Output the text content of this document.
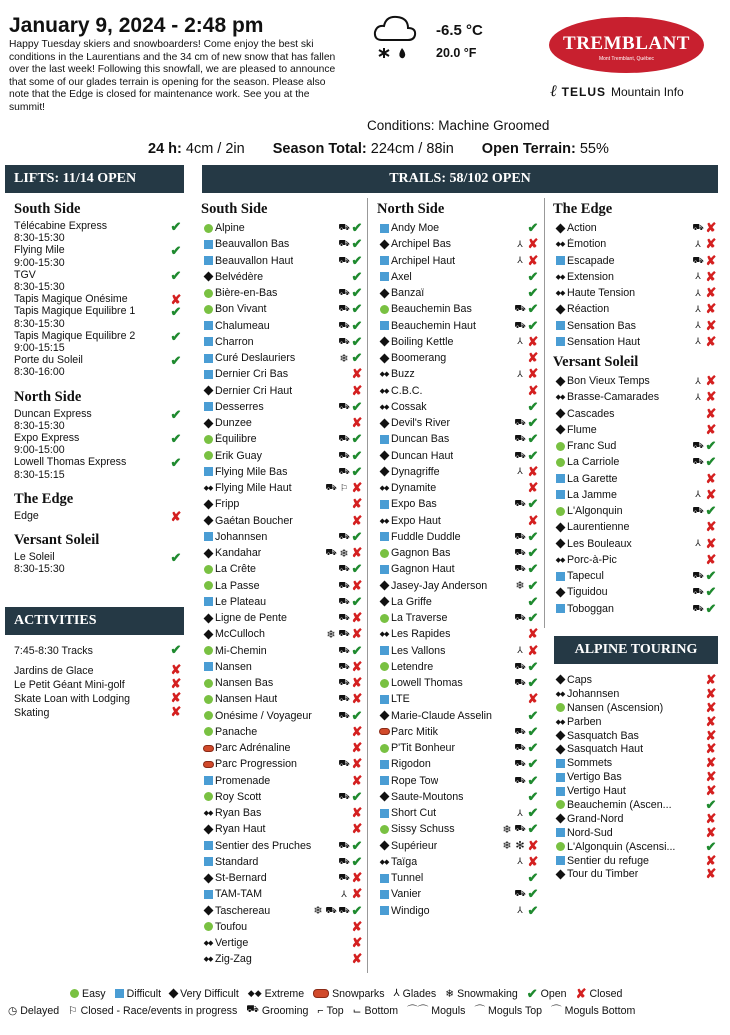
January 9, 2024 - 2:48 pm
Happy Tuesday skiers and snowboarders! Come enjoy the best ski conditions in the Laurentians and the 34 cm of new snow that has fallen over the last week! Following this snowfall, we are pleased to announce that some of our glades terrain is opening for the season. Please also note that the Edge is closed for maintenance work. See you at the summit!
-6.5 °C
20.0 °F	TREMBLANT
Mont Tremblant, Québec
ℓ TELUS Mountain Info
Conditions: Machine Groomed
24 h: 4cm / 2in Season Total: 224cm / 88in Open Terrain: 55%
LIFTS: 11/14 OPEN	TRAILS: 58/102 OPEN
ACTIVITIES
ALPINE TOURING
South Side
Télécabine Express
8:30-15:30
✔
Flying Mile
9:00-15:30
✔
TGV
8:30-15:30
✔
Tapis Magique Onésime	✘
Tapis Magique Equilibre 1
8:30-15:30
✔
Tapis Magique Equilibre 2
9:00-15:15
✔
Porte du Soleil
8:30-16:00
✔
North Side
Duncan Express
8:30-15:30
✔
Expo Express
9:00-15:00
✔
Lowell Thomas Express
8:30-15:15
✔
The Edge
Edge	✘
Versant Soleil
Le Soleil
8:30-15:30
✔
7:45-8:30 Tracks	✔
Jardins de Glace	✘
Le Petit Géant Mini-golf	✘
Skate Loan with Lodging	✘
Skating	✘
South Side
Alpine	⛟ ✔
Beauvallon Bas	⛟ ✔
Beauvallon Haut	⛟ ✔
Belvédère	✔
Bière-en-Bas	⛟ ✔
Bon Vivant	⛟ ✔
Chalumeau	⛟ ✔
Charron	⛟ ✔
Curé Deslauriers	❄ ✔
Dernier Cri Bas	✘
Dernier Cri Haut	✘
Desserres	⛟ ✔
Dunzee	✘
Équilibre	⛟ ✔
Erik Guay	⛟ ✔
Flying Mile Bas	⛟ ✔
◆◆ Flying Mile Haut	⛟ ⚐ ✘
Fripp	✘
Gaétan Boucher	✘
Johannsen	⛟ ✔
Kandahar	⛟ ❄ ✘
La Crête	⛟ ✔
La Passe	⛟ ✘
Le Plateau	⛟ ✔
Ligne de Pente	⛟ ✘
McCulloch	❄ ⛟ ✘
Mi-Chemin	⛟ ✔
Nansen	⛟ ✘
Nansen Bas	⛟ ✘
Nansen Haut	⛟ ✘
Onésime / Voyageur	⛟ ✔
Panache	✘
Parc Adrénaline	✘
Parc Progression	⛟ ✘
Promenade	✘
Roy Scott	⛟ ✔
◆◆ Ryan Bas	✘
Ryan Haut	✘
Sentier des Pruches	⛟ ✔
Standard	⛟ ✔
St-Bernard	⛟ ✘
TAM-TAM	⅄ ✘
Taschereau	❄ ⛟ ⛟ ✔
Toufou	✘
◆◆ Vertige	✘
◆◆ Zig-Zag	✘
North Side
Andy Moe	✔
Archipel Bas	⅄ ✘
Archipel Haut	⅄ ✘
Axel	✔
Banzaï	✔
Beauchemin Bas	⛟ ✔
Beauchemin Haut	⛟ ✔
Boiling Kettle	⅄ ✘
Boomerang	✘
◆◆ Buzz	⅄ ✘
◆◆ C.B.C.	✘
◆◆ Cossak	✔
Devil's River	⛟ ✔
Duncan Bas	⛟ ✔
Duncan Haut	⛟ ✔
Dynagriffe	⅄ ✘
◆◆ Dynamite	✘
Expo Bas	⛟ ✔
◆◆ Expo Haut	✘
Fuddle Duddle	⛟ ✔
Gagnon Bas	⛟ ✔
Gagnon Haut	⛟ ✔
Jasey-Jay Anderson	❄ ✔
La Griffe	✔
La Traverse	⛟ ✔
◆◆ Les Rapides	✘
Les Vallons	⅄ ✘
Letendre	⛟ ✔
Lowell Thomas	⛟ ✔
LTE	✘
Marie-Claude Asselin	✔
Parc Mitik	⛟ ✔
P'Tit Bonheur	⛟ ✔
Rigodon	⛟ ✔
Rope Tow	⛟ ✔
Saute-Moutons	✔
Short Cut	⅄ ✔
Sissy Schuss	❄ ⛟ ✔
Supérieur	❄ ✻ ✘
◆◆ Taïga	⅄ ✘
Tunnel	✔
Vanier	⛟ ✔
Windigo	⅄ ✔
The Edge
Action	⛟ ✘
◆◆ Émotion	⅄ ✘
Escapade	⛟ ✘
◆◆ Extension	⅄ ✘
◆◆ Haute Tension	⅄ ✘
Réaction	⅄ ✘
Sensation Bas	⅄ ✘
Sensation Haut	⅄ ✘
Versant Soleil
Bon Vieux Temps	⅄ ✘
◆◆ Brasse-Camarades	⅄ ✘
Cascades	✘
Flume	✘
Franc Sud	⛟ ✔
La Carriole	⛟ ✔
La Garette	✘
La Jamme	⅄ ✘
L'Algonquin	⛟ ✔
Laurentienne	✘
Les Bouleaux	⅄ ✘
◆◆ Porc-à-Pic	✘
Tapecul	⛟ ✔
Tiguidou	⛟ ✔
Toboggan	⛟ ✔
Caps	✘
◆◆ Johannsen	✘
Nansen (Ascension)	✘
◆◆ Parben	✘
Sasquatch Bas	✘
Sasquatch Haut	✘
Sommets	✘
Vertigo Bas	✘
Vertigo Haut	✘
Beauchemin (Ascen...	✔
Grand-Nord	✘
Nord-Sud	✘
L'Algonquin (Ascensi... ✔
Sentier du refuge	✘
Tour du Timber	✘
Easy Difficult Very Difficult ◆◆ Extreme	Snowparks ⅄ Glades ❄ Snowmaking ✔ Open ✘ Closed
◷ Delayed ⚐ Closed - Race/events in progress ⛟ Grooming ⌐ Top ⌙ Bottom ⌒⌒ Moguls ⌒ Moguls Top ⌒ Moguls Bottom
